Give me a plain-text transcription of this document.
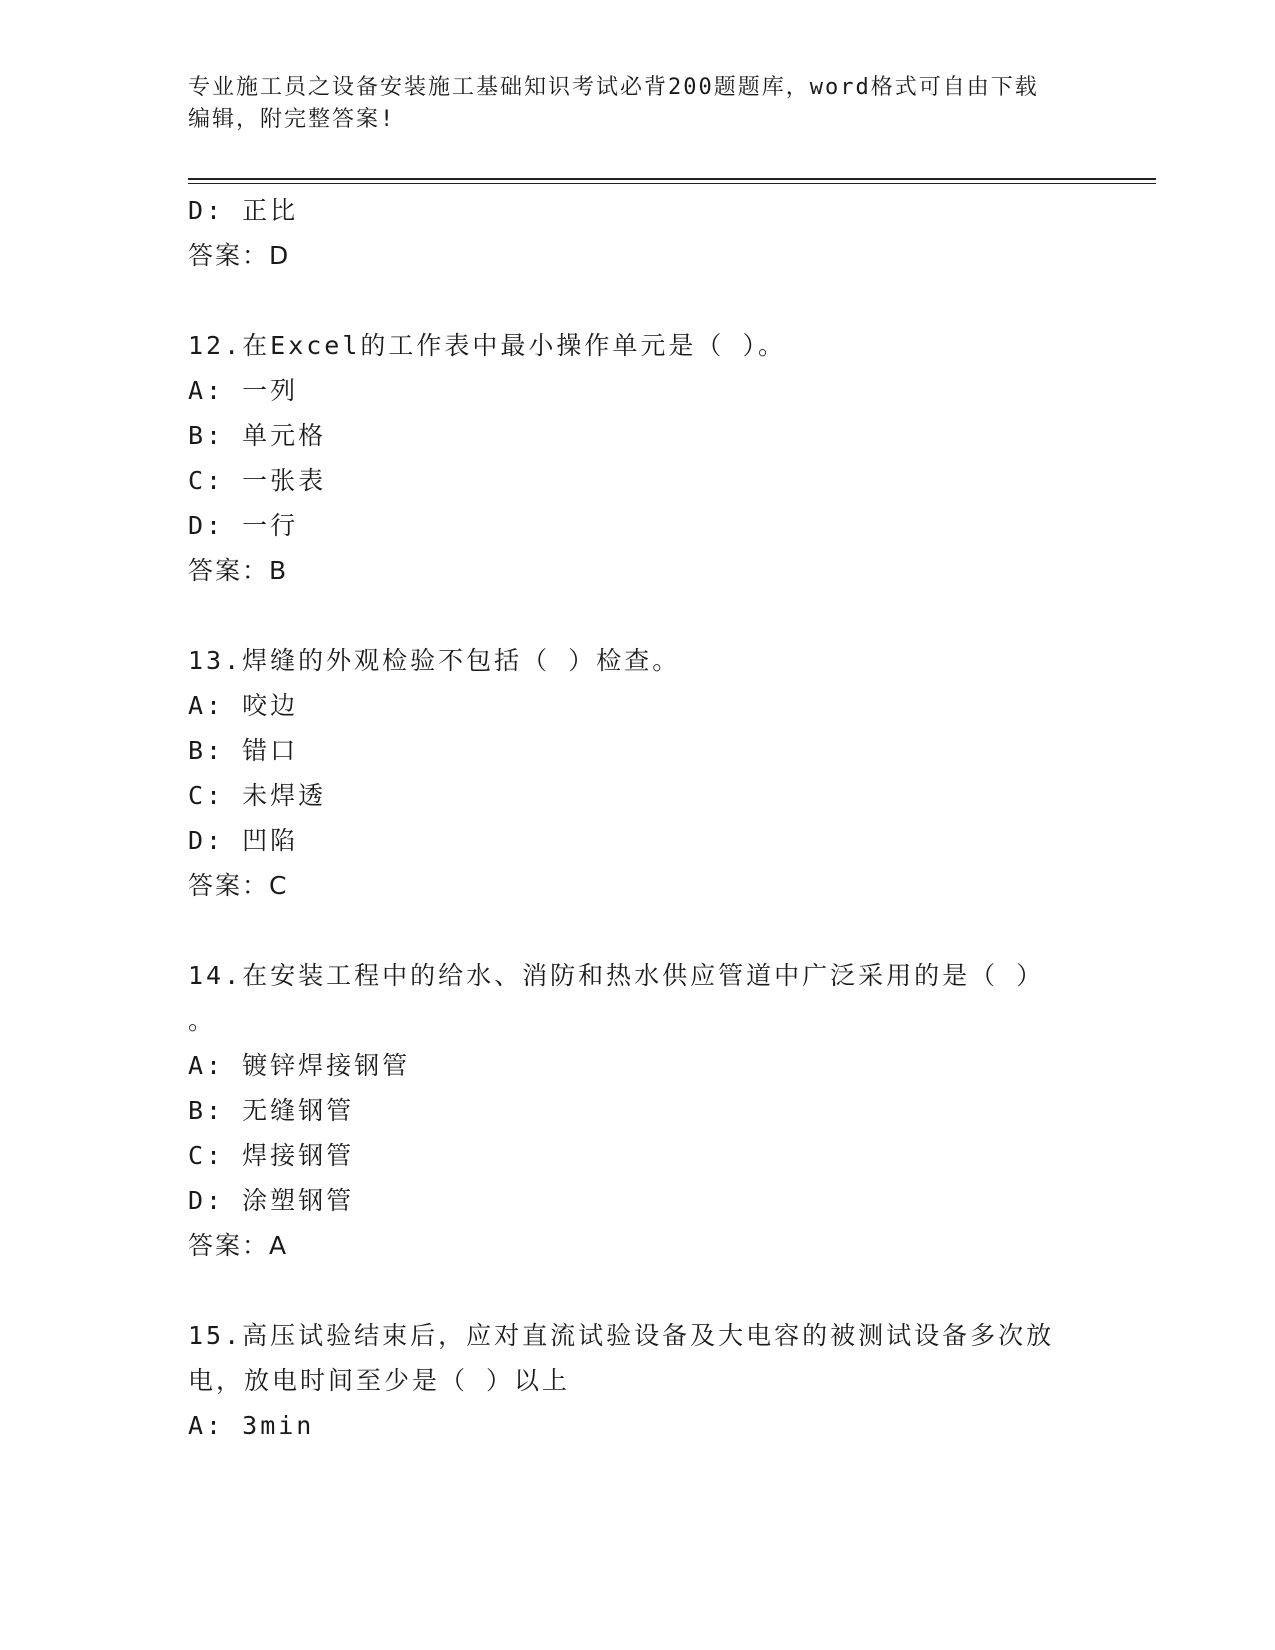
专业施工员之设备安装施工基础知识考试必背200题题库，word格式可自由下载
编辑，附完整答案!
D: 正比
答案：D
12.在Excel的工作表中最小操作单元是（ ）。
A: 一列
B: 单元格
C: 一张表
D: 一行
答案：B
13.焊缝的外观检验不包括（ ）检查。
A: 咬边
B: 错口
C: 未焊透
D: 凹陷
答案：C
14.在安装工程中的给水、消防和热水供应管道中广泛采用的是（ ）
。
A: 镀锌焊接钢管
B: 无缝钢管
C: 焊接钢管
D: 涂塑钢管
答案：A
15.高压试验结束后，应对直流试验设备及大电容的被测试设备多次放
电，放电时间至少是（ ）以上
A: 3min
